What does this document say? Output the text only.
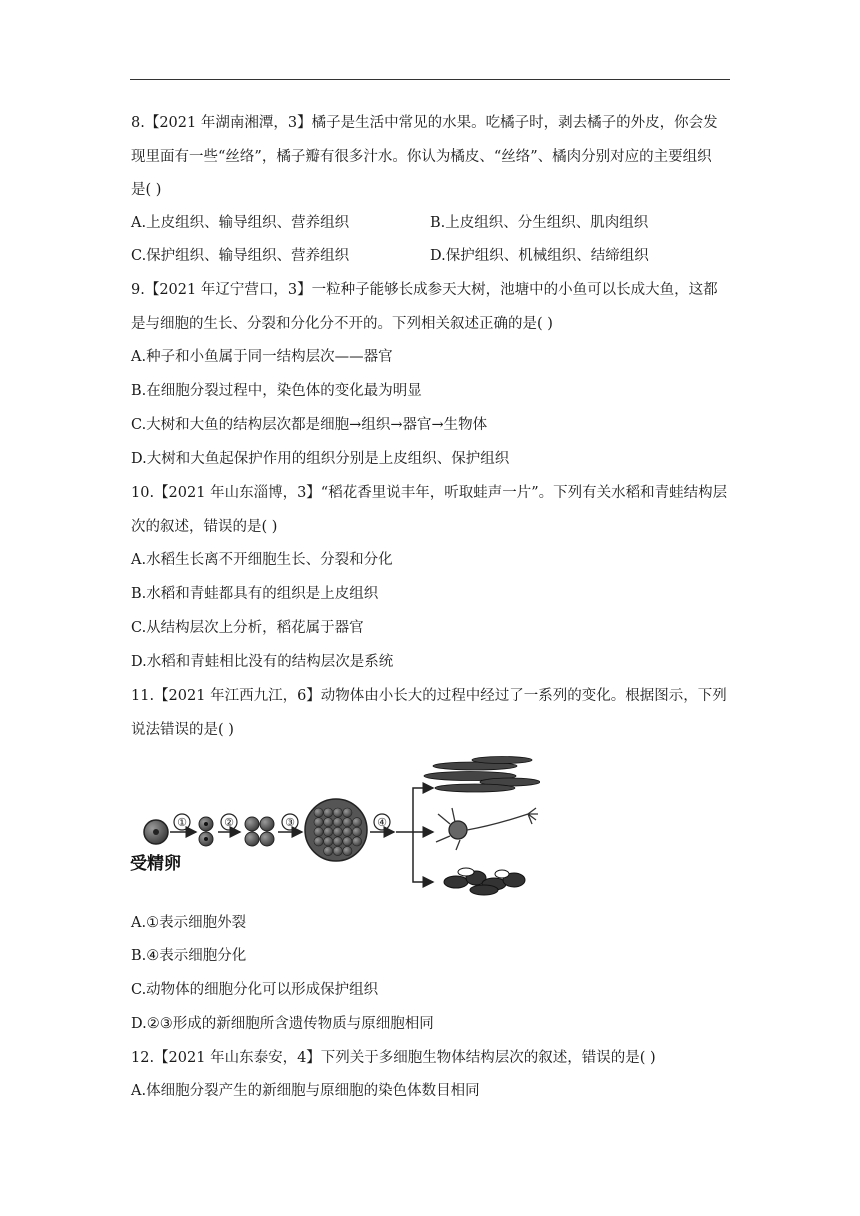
8.【2021 年湖南湘潭，3】橘子是生活中常见的水果。吃橘子时，剥去橘子的外皮，你会发
现里面有一些“丝络”，橘子瓣有很多汁水。你认为橘皮、“丝络”、橘肉分别对应的主要组织
是( )
A.上皮组织、输导组织、营养组织	B.上皮组织、分生组织、肌肉组织
C.保护组织、输导组织、营养组织	D.保护组织、机械组织、结缔组织
9.【2021 年辽宁营口，3】一粒种子能够长成参天大树，池塘中的小鱼可以长成大鱼，这都
是与细胞的生长、分裂和分化分不开的。下列相关叙述正确的是( )
A.种子和小鱼属于同一结构层次——器官
B.在细胞分裂过程中，染色体的变化最为明显
C.大树和大鱼的结构层次都是细胞→组织→器官→生物体
D.大树和大鱼起保护作用的组织分别是上皮组织、保护组织
10.【2021 年山东淄博，3】“稻花香里说丰年，听取蛙声一片”。下列有关水稻和青蛙结构层
次的叙述，错误的是( )
A.水稻生长离不开细胞生长、分裂和分化
B.水稻和青蛙都具有的组织是上皮组织
C.从结构层次上分析，稻花属于器官
D.水稻和青蛙相比没有的结构层次是系统
11.【2021 年江西九江，6】动物体由小长大的过程中经过了一系列的变化。根据图示，下列
说法错误的是( )
受精卵
①	②	③	④
A.①表示细胞外裂
B.④表示细胞分化
C.动物体的细胞分化可以形成保护组织
D.②③形成的新细胞所含遗传物质与原细胞相同
12.【2021 年山东泰安，4】下列关于多细胞生物体结构层次的叙述，错误的是( )
A.体细胞分裂产生的新细胞与原细胞的染色体数目相同
